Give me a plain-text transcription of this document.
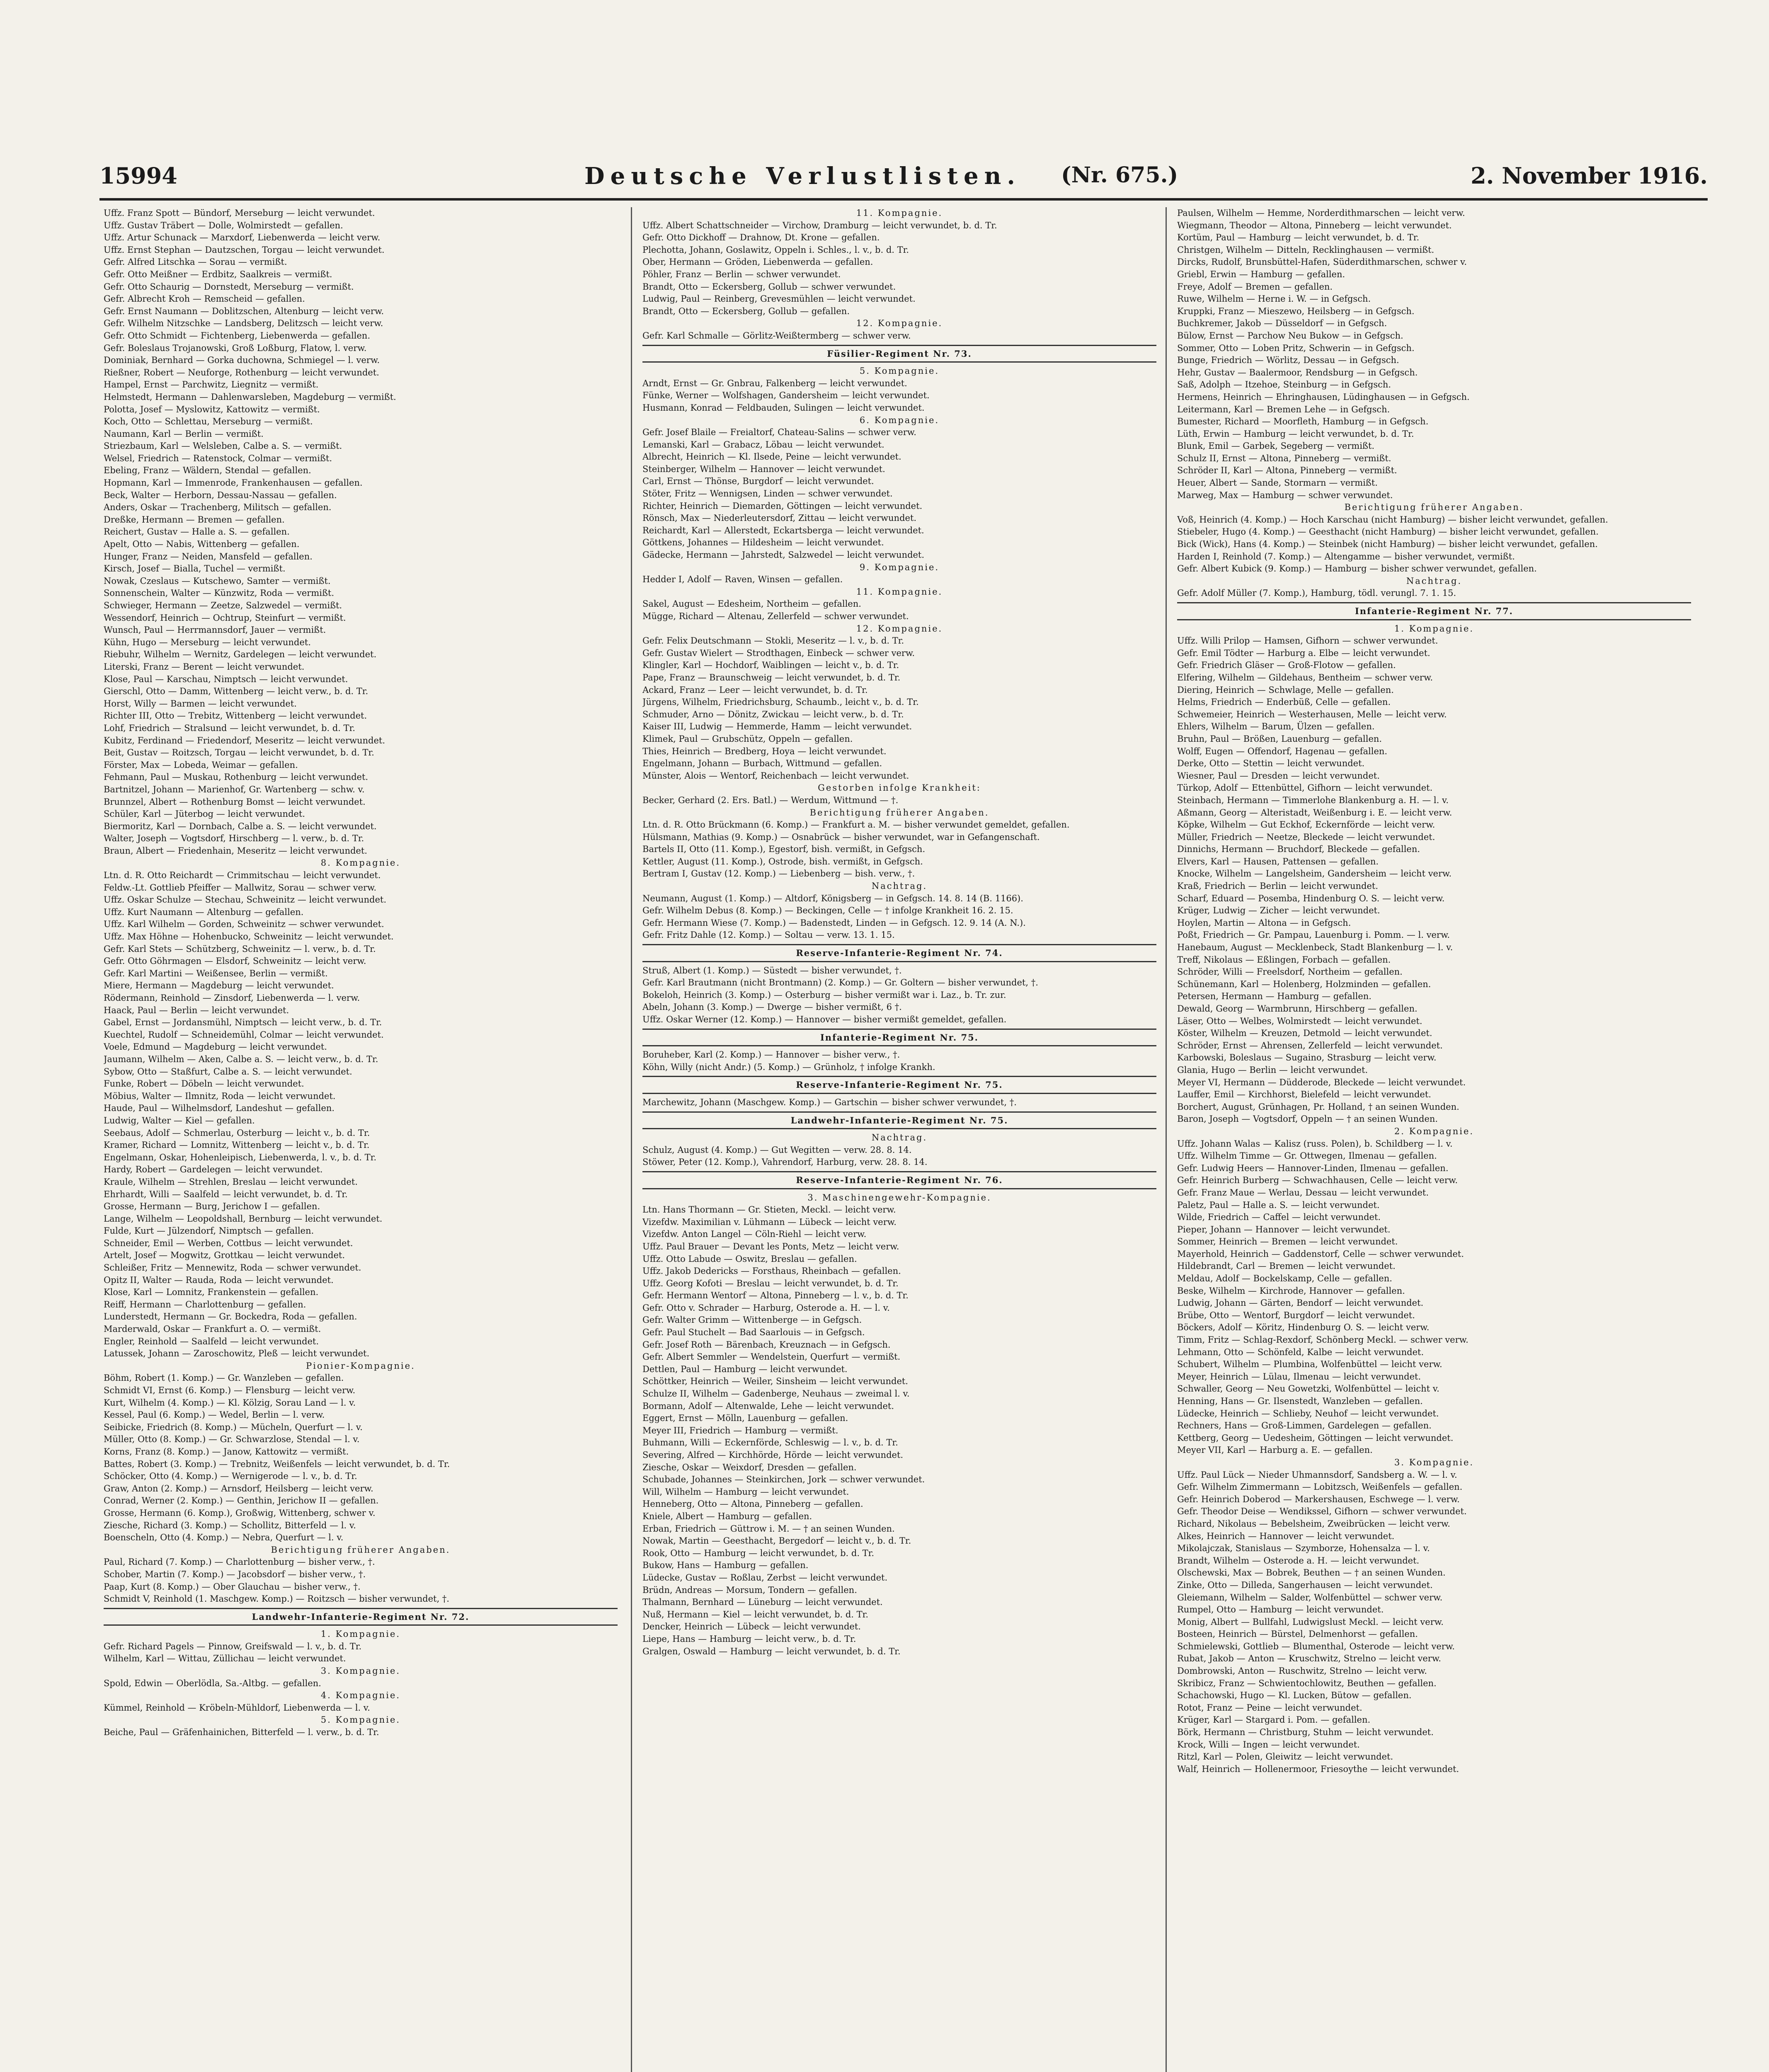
15994	Deutsche Verlustlisten. (Nr. 675.)	2. November 1916.
Uffz. Franz Spott — Bündorf, Merseburg — leicht verwundet.
Uffz. Gustav Träbert — Dolle, Wolmirstedt — gefallen.
Uffz. Artur Schunack — Marxdorf, Liebenwerda — leicht verw.
Uffz. Ernst Stephan — Dautzschen, Torgau — leicht verwundet.
Gefr. Alfred Litschka — Sorau — vermißt.
Gefr. Otto Meißner — Erdbitz, Saalkreis — vermißt.
Gefr. Otto Schaurig — Dornstedt, Merseburg — vermißt.
Gefr. Albrecht Kroh — Remscheid — gefallen.
Gefr. Ernst Naumann — Doblitzschen, Altenburg — leicht verw.
Gefr. Wilhelm Nitzschke — Landsberg, Delitzsch — leicht verw.
Gefr. Otto Schmidt — Fichtenberg, Liebenwerda — gefallen.
Gefr. Boleslaus Trojanowski, Groß Loßburg, Flatow, l. verw.
Dominiak, Bernhard — Gorka duchowna, Schmiegel — l. verw.
Rießner, Robert — Neuforge, Rothenburg — leicht verwundet.
Hampel, Ernst — Parchwitz, Liegnitz — vermißt.
Helmstedt, Hermann — Dahlenwarsleben, Magdeburg — vermißt.
Polotta, Josef — Myslowitz, Kattowitz — vermißt.
Koch, Otto — Schlettau, Merseburg — vermißt.
Naumann, Karl — Berlin — vermißt.
Striezbaum, Karl — Welsleben, Calbe a. S. — vermißt.
Welsel, Friedrich — Ratenstock, Colmar — vermißt.
Ebeling, Franz — Wäldern, Stendal — gefallen.
Hopmann, Karl — Immenrode, Frankenhausen — gefallen.
Beck, Walter — Herborn, Dessau-Nassau — gefallen.
Anders, Oskar — Trachenberg, Militsch — gefallen.
Dreßke, Hermann — Bremen — gefallen.
Reichert, Gustav — Halle a. S. — gefallen.
Apelt, Otto — Nabis, Wittenberg — gefallen.
Hunger, Franz — Neiden, Mansfeld — gefallen.
Kirsch, Josef — Bialla, Tuchel — vermißt.
Nowak, Czeslaus — Kutschewo, Samter — vermißt.
Sonnenschein, Walter — Künzwitz, Roda — vermißt.
Schwieger, Hermann — Zeetze, Salzwedel — vermißt.
Wessendorf, Heinrich — Ochtrup, Steinfurt — vermißt.
Wunsch, Paul — Herrmannsdorf, Jauer — vermißt.
Kühn, Hugo — Merseburg — leicht verwundet.
Riebuhr, Wilhelm — Wernitz, Gardelegen — leicht verwundet.
Literski, Franz — Berent — leicht verwundet.
Klose, Paul — Karschau, Nimptsch — leicht verwundet.
Gierschl, Otto — Damm, Wittenberg — leicht verw., b. d. Tr.
Horst, Willy — Barmen — leicht verwundet.
Richter III, Otto — Trebitz, Wittenberg — leicht verwundet.
Lohf, Friedrich — Stralsund — leicht verwundet, b. d. Tr.
Kubitz, Ferdinand — Friedendorf, Meseritz — leicht verwundet.
Beit, Gustav — Roitzsch, Torgau — leicht verwundet, b. d. Tr.
Förster, Max — Lobeda, Weimar — gefallen.
Fehmann, Paul — Muskau, Rothenburg — leicht verwundet.
Bartnitzel, Johann — Marienhof, Gr. Wartenberg — schw. v.
Brunnzel, Albert — Rothenburg Bomst — leicht verwundet.
Schüler, Karl — Jüterbog — leicht verwundet.
Biermoritz, Karl — Dornbach, Calbe a. S. — leicht verwundet.
Walter, Joseph — Vogtsdorf, Hirschberg — l. verw., b. d. Tr.
Braun, Albert — Friedenhain, Meseritz — leicht verwundet.
8. Kompagnie.
Ltn. d. R. Otto Reichardt — Crimmitschau — leicht verwundet.
Feldw.-Lt. Gottlieb Pfeiffer — Mallwitz, Sorau — schwer verw.
Uffz. Oskar Schulze — Stechau, Schweinitz — leicht verwundet.
Uffz. Kurt Naumann — Altenburg — gefallen.
Uffz. Karl Wilhelm — Gorden, Schweinitz — schwer verwundet.
Uffz. Max Höhne — Hohenbucko, Schweinitz — leicht verwundet.
Gefr. Karl Stets — Schützberg, Schweinitz — l. verw., b. d. Tr.
Gefr. Otto Göhrmagen — Elsdorf, Schweinitz — leicht verw.
Gefr. Karl Martini — Weißensee, Berlin — vermißt.
Miere, Hermann — Magdeburg — leicht verwundet.
Rödermann, Reinhold — Zinsdorf, Liebenwerda — l. verw.
Haack, Paul — Berlin — leicht verwundet.
Gabel, Ernst — Jordansmühl, Nimptsch — leicht verw., b. d. Tr.
Kuechtel, Rudolf — Schneidemühl, Colmar — leicht verwundet.
Voele, Edmund — Magdeburg — leicht verwundet.
Jaumann, Wilhelm — Aken, Calbe a. S. — leicht verw., b. d. Tr.
Sybow, Otto — Staßfurt, Calbe a. S. — leicht verwundet.
Funke, Robert — Döbeln — leicht verwundet.
Möbius, Walter — Ilmnitz, Roda — leicht verwundet.
Haude, Paul — Wilhelmsdorf, Landeshut — gefallen.
Ludwig, Walter — Kiel — gefallen.
Seebaus, Adolf — Schmerlau, Osterburg — leicht v., b. d. Tr.
Kramer, Richard — Lomnitz, Wittenberg — leicht v., b. d. Tr.
Engelmann, Oskar, Hohenleipisch, Liebenwerda, l. v., b. d. Tr.
Hardy, Robert — Gardelegen — leicht verwundet.
Kraule, Wilhelm — Strehlen, Breslau — leicht verwundet.
Ehrhardt, Willi — Saalfeld — leicht verwundet, b. d. Tr.
Grosse, Hermann — Burg, Jerichow I — gefallen.
Lange, Wilhelm — Leopoldshall, Bernburg — leicht verwundet.
Fulde, Kurt — Jülzendorf, Nimptsch — gefallen.
Schneider, Emil — Werben, Cottbus — leicht verwundet.
Artelt, Josef — Mogwitz, Grottkau — leicht verwundet.
Schleißer, Fritz — Mennewitz, Roda — schwer verwundet.
Opitz II, Walter — Rauda, Roda — leicht verwundet.
Klose, Karl — Lomnitz, Frankenstein — gefallen.
Reiff, Hermann — Charlottenburg — gefallen.
Lunderstedt, Hermann — Gr. Bockedra, Roda — gefallen.
Marderwald, Oskar — Frankfurt a. O. — vermißt.
Engler, Reinhold — Saalfeld — leicht verwundet.
Latussek, Johann — Zaroschowitz, Pleß — leicht verwundet.
Pionier-Kompagnie.
Böhm, Robert (1. Komp.) — Gr. Wanzleben — gefallen.
Schmidt VI, Ernst (6. Komp.) — Flensburg — leicht verw.
Kurt, Wilhelm (4. Komp.) — Kl. Kölzig, Sorau Land — l. v.
Kessel, Paul (6. Komp.) — Wedel, Berlin — l. verw.
Seibicke, Friedrich (8. Komp.) — Mücheln, Querfurt — l. v.
Müller, Otto (8. Komp.) — Gr. Schwarzlose, Stendal — l. v.
Korns, Franz (8. Komp.) — Janow, Kattowitz — vermißt.
Battes, Robert (3. Komp.) — Trebnitz, Weißenfels — leicht verwundet, b. d. Tr.
Schöcker, Otto (4. Komp.) — Wernigerode — l. v., b. d. Tr.
Graw, Anton (2. Komp.) — Arnsdorf, Heilsberg — leicht verw.
Conrad, Werner (2. Komp.) — Genthin, Jerichow II — gefallen.
Grosse, Hermann (6. Komp.), Großwig, Wittenberg, schwer v.
Ziesche, Richard (3. Komp.) — Schollitz, Bitterfeld — l. v.
Boenscheln, Otto (4. Komp.) — Nebra, Querfurt — l. v.
Berichtigung früherer Angaben.
Paul, Richard (7. Komp.) — Charlottenburg — bisher verw., †.
Schober, Martin (7. Komp.) — Jacobsdorf — bisher verw., †.
Paap, Kurt (8. Komp.) — Ober Glauchau — bisher verw., †.
Schmidt V, Reinhold (1. Maschgew. Komp.) — Roitzsch — bisher verwundet, †.
Landwehr-Infanterie-Regiment Nr. 72.
1. Kompagnie.
Gefr. Richard Pagels — Pinnow, Greifswald — l. v., b. d. Tr.
Wilhelm, Karl — Wittau, Züllichau — leicht verwundet.
3. Kompagnie.
Spold, Edwin — Oberlödla, Sa.-Altbg. — gefallen.
4. Kompagnie.
Kümmel, Reinhold — Kröbeln-Mühldorf, Liebenwerda — l. v.
5. Kompagnie.
Beiche, Paul — Gräfenhainichen, Bitterfeld — l. verw., b. d. Tr.
11. Kompagnie.
Uffz. Albert Schattschneider — Virchow, Dramburg — leicht verwundet, b. d. Tr.
Gefr. Otto Dickhoff — Drahnow, Dt. Krone — gefallen.
Plechotta, Johann, Goslawitz, Oppeln i. Schles., l. v., b. d. Tr.
Ober, Hermann — Gröden, Liebenwerda — gefallen.
Pöhler, Franz — Berlin — schwer verwundet.
Brandt, Otto — Eckersberg, Gollub — schwer verwundet.
Ludwig, Paul — Reinberg, Grevesmühlen — leicht verwundet.
Brandt, Otto — Eckersberg, Gollub — gefallen.
12. Kompagnie.
Gefr. Karl Schmalle — Görlitz-Weißtermberg — schwer verw.
Füsilier-Regiment Nr. 73.
5. Kompagnie.
Arndt, Ernst — Gr. Gnbrau, Falkenberg — leicht verwundet.
Fünke, Werner — Wolfshagen, Gandersheim — leicht verwundet.
Husmann, Konrad — Feldbauden, Sulingen — leicht verwundet.
6. Kompagnie.
Gefr. Josef Blaile — Freialtorf, Chateau-Salins — schwer verw.
Lemanski, Karl — Grabacz, Löbau — leicht verwundet.
Albrecht, Heinrich — Kl. Ilsede, Peine — leicht verwundet.
Steinberger, Wilhelm — Hannover — leicht verwundet.
Carl, Ernst — Thönse, Burgdorf — leicht verwundet.
Stöter, Fritz — Wennigsen, Linden — schwer verwundet.
Richter, Heinrich — Diemarden, Göttingen — leicht verwundet.
Rönsch, Max — Niederleutersdorf, Zittau — leicht verwundet.
Reichardt, Karl — Allerstedt, Eckartsberga — leicht verwundet.
Göttkens, Johannes — Hildesheim — leicht verwundet.
Gädecke, Hermann — Jahrstedt, Salzwedel — leicht verwundet.
9. Kompagnie.
Hedder I, Adolf — Raven, Winsen — gefallen.
11. Kompagnie.
Sakel, August — Edesheim, Northeim — gefallen.
Mügge, Richard — Altenau, Zellerfeld — schwer verwundet.
12. Kompagnie.
Gefr. Felix Deutschmann — Stokli, Meseritz — l. v., b. d. Tr.
Gefr. Gustav Wielert — Strodthagen, Einbeck — schwer verw.
Klingler, Karl — Hochdorf, Waiblingen — leicht v., b. d. Tr.
Pape, Franz — Braunschweig — leicht verwundet, b. d. Tr.
Ackard, Franz — Leer — leicht verwundet, b. d. Tr.
Jürgens, Wilhelm, Friedrichsburg, Schaumb., leicht v., b. d. Tr.
Schmuder, Arno — Dönitz, Zwickau — leicht verw., b. d. Tr.
Kaiser III, Ludwig — Hemmerde, Hamm — leicht verwundet.
Klimek, Paul — Grubschütz, Oppeln — gefallen.
Thies, Heinrich — Bredberg, Hoya — leicht verwundet.
Engelmann, Johann — Burbach, Wittmund — gefallen.
Münster, Alois — Wentorf, Reichenbach — leicht verwundet.
Gestorben infolge Krankheit:
Becker, Gerhard (2. Ers. Batl.) — Werdum, Wittmund — †.
Berichtigung früherer Angaben.
Ltn. d. R. Otto Brückmann (6. Komp.) — Frankfurt a. M. — bisher verwundet gemeldet, gefallen.
Hülsmann, Mathias (9. Komp.) — Osnabrück — bisher verwundet, war in Gefangenschaft.
Bartels II, Otto (11. Komp.), Egestorf, bish. vermißt, in Gefgsch.
Kettler, August (11. Komp.), Ostrode, bish. vermißt, in Gefgsch.
Bertram I, Gustav (12. Komp.) — Liebenberg — bish. verw., †.
Nachtrag.
Neumann, August (1. Komp.) — Altdorf, Königsberg — in Gefgsch. 14. 8. 14 (B. 1166).
Gefr. Wilhelm Debus (8. Komp.) — Beckingen, Celle — † infolge Krankheit 16. 2. 15.
Gefr. Hermann Wiese (7. Komp.) — Badenstedt, Linden — in Gefgsch. 12. 9. 14 (A. N.).
Gefr. Fritz Dahle (12. Komp.) — Soltau — verw. 13. 1. 15.
Reserve-Infanterie-Regiment Nr. 74.
Struß, Albert (1. Komp.) — Süstedt — bisher verwundet, †.
Gefr. Karl Brautmann (nicht Brontmann) (2. Komp.) — Gr. Goltern — bisher verwundet, †.
Bokeloh, Heinrich (3. Komp.) — Osterburg — bisher vermißt war i. Laz., b. Tr. zur.
Abeln, Johann (3. Komp.) — Dwerge — bisher vermißt, 6 †.
Uffz. Oskar Werner (12. Komp.) — Hannover — bisher vermißt gemeldet, gefallen.
Infanterie-Regiment Nr. 75.
Boruheber, Karl (2. Komp.) — Hannover — bisher verw., †.
Köhn, Willy (nicht Andr.) (5. Komp.) — Grünholz, † infolge Krankh.
Reserve-Infanterie-Regiment Nr. 75.
Marchewitz, Johann (Maschgew. Komp.) — Gartschin — bisher schwer verwundet, †.
Landwehr-Infanterie-Regiment Nr. 75.
Nachtrag.
Schulz, August (4. Komp.) — Gut Wegitten — verw. 28. 8. 14.
Stöwer, Peter (12. Komp.), Vahrendorf, Harburg, verw. 28. 8. 14.
Reserve-Infanterie-Regiment Nr. 76.
3. Maschinengewehr-Kompagnie.
Ltn. Hans Thormann — Gr. Stieten, Meckl. — leicht verw.
Vizefdw. Maximilian v. Lühmann — Lübeck — leicht verw.
Vizefdw. Anton Langel — Cöln-Riehl — leicht verw.
Uffz. Paul Brauer — Devant les Ponts, Metz — leicht verw.
Uffz. Otto Labude — Oswitz, Breslau — gefallen.
Uffz. Jakob Dedericks — Forsthaus, Rheinbach — gefallen.
Uffz. Georg Kofoti — Breslau — leicht verwundet, b. d. Tr.
Gefr. Hermann Wentorf — Altona, Pinneberg — l. v., b. d. Tr.
Gefr. Otto v. Schrader — Harburg, Osterode a. H. — l. v.
Gefr. Walter Grimm — Wittenberge — in Gefgsch.
Gefr. Paul Stuchelt — Bad Saarlouis — in Gefgsch.
Gefr. Josef Roth — Bärenbach, Kreuznach — in Gefgsch.
Gefr. Albert Semmler — Wendelstein, Querfurt — vermißt.
Dettlen, Paul — Hamburg — leicht verwundet.
Schöttker, Heinrich — Weiler, Sinsheim — leicht verwundet.
Schulze II, Wilhelm — Gadenberge, Neuhaus — zweimal l. v.
Bormann, Adolf — Altenwalde, Lehe — leicht verwundet.
Eggert, Ernst — Mölln, Lauenburg — gefallen.
Meyer III, Friedrich — Hamburg — vermißt.
Buhmann, Willi — Eckernförde, Schleswig — l. v., b. d. Tr.
Severing, Alfred — Kirchhörde, Hörde — leicht verwundet.
Ziesche, Oskar — Weixdorf, Dresden — gefallen.
Schubade, Johannes — Steinkirchen, Jork — schwer verwundet.
Will, Wilhelm — Hamburg — leicht verwundet.
Henneberg, Otto — Altona, Pinneberg — gefallen.
Kniele, Albert — Hamburg — gefallen.
Erban, Friedrich — Güttrow i. M. — † an seinen Wunden.
Nowak, Martin — Geesthacht, Bergedorf — leicht v., b. d. Tr.
Rook, Otto — Hamburg — leicht verwundet, b. d. Tr.
Bukow, Hans — Hamburg — gefallen.
Lüdecke, Gustav — Roßlau, Zerbst — leicht verwundet.
Brüdn, Andreas — Morsum, Tondern — gefallen.
Thalmann, Bernhard — Lüneburg — leicht verwundet.
Nuß, Hermann — Kiel — leicht verwundet, b. d. Tr.
Dencker, Heinrich — Lübeck — leicht verwundet.
Liepe, Hans — Hamburg — leicht verw., b. d. Tr.
Gralgen, Oswald — Hamburg — leicht verwundet, b. d. Tr.
Paulsen, Wilhelm — Hemme, Norderdithmarschen — leicht verw.
Wiegmann, Theodor — Altona, Pinneberg — leicht verwundet.
Kortüm, Paul — Hamburg — leicht verwundet, b. d. Tr.
Christgen, Wilhelm — Ditteln, Recklinghausen — vermißt.
Dircks, Rudolf, Brunsbüttel-Hafen, Süderdithmarschen, schwer v.
Griebl, Erwin — Hamburg — gefallen.
Freye, Adolf — Bremen — gefallen.
Ruwe, Wilhelm — Herne i. W. — in Gefgsch.
Kruppki, Franz — Mieszewo, Heilsberg — in Gefgsch.
Buchkremer, Jakob — Düsseldorf — in Gefgsch.
Bülow, Ernst — Parchow Neu Bukow — in Gefgsch.
Sommer, Otto — Loben Pritz, Schwerin — in Gefgsch.
Bunge, Friedrich — Wörlitz, Dessau — in Gefgsch.
Hehr, Gustav — Baalermoor, Rendsburg — in Gefgsch.
Saß, Adolph — Itzehoe, Steinburg — in Gefgsch.
Hermens, Heinrich — Ehringhausen, Lüdinghausen — in Gefgsch.
Leitermann, Karl — Bremen Lehe — in Gefgsch.
Bumester, Richard — Moorfleth, Hamburg — in Gefgsch.
Lüth, Erwin — Hamburg — leicht verwundet, b. d. Tr.
Blunk, Emil — Garbek, Segeberg — vermißt.
Schulz II, Ernst — Altona, Pinneberg — vermißt.
Schröder II, Karl — Altona, Pinneberg — vermißt.
Heuer, Albert — Sande, Stormarn — vermißt.
Marweg, Max — Hamburg — schwer verwundet.
Berichtigung früherer Angaben.
Voß, Heinrich (4. Komp.) — Hoch Karschau (nicht Hamburg) — bisher leicht verwundet, gefallen.
Stiebeler, Hugo (4. Komp.) — Geesthacht (nicht Hamburg) — bisher leicht verwundet, gefallen.
Bick (Wick), Hans (4. Komp.) — Steinbek (nicht Hamburg) — bisher leicht verwundet, gefallen.
Harden I, Reinhold (7. Komp.) — Altengamme — bisher verwundet, vermißt.
Gefr. Albert Kubick (9. Komp.) — Hamburg — bisher schwer verwundet, gefallen.
Nachtrag.
Gefr. Adolf Müller (7. Komp.), Hamburg, tödl. verungl. 7. 1. 15.
Infanterie-Regiment Nr. 77.
1. Kompagnie.
Uffz. Willi Prilop — Hamsen, Gifhorn — schwer verwundet.
Gefr. Emil Tödter — Harburg a. Elbe — leicht verwundet.
Gefr. Friedrich Gläser — Groß-Flotow — gefallen.
Elfering, Wilhelm — Gildehaus, Bentheim — schwer verw.
Diering, Heinrich — Schwlage, Melle — gefallen.
Helms, Friedrich — Enderbüß, Celle — gefallen.
Schwemeier, Heinrich — Westerhausen, Melle — leicht verw.
Ehlers, Wilhelm — Barum, Ülzen — gefallen.
Bruhn, Paul — Brößen, Lauenburg — gefallen.
Wolff, Eugen — Offendorf, Hagenau — gefallen.
Derke, Otto — Stettin — leicht verwundet.
Wiesner, Paul — Dresden — leicht verwundet.
Türkop, Adolf — Ettenbüttel, Gifhorn — leicht verwundet.
Steinbach, Hermann — Timmerlohe Blankenburg a. H. — l. v.
Aßmann, Georg — Alteristadt, Weißenburg i. E. — leicht verw.
Köpke, Wilhelm — Gut Eckhof, Eckernförde — leicht verw.
Müller, Friedrich — Neetze, Bleckede — leicht verwundet.
Dinnichs, Hermann — Bruchdorf, Bleckede — gefallen.
Elvers, Karl — Hausen, Pattensen — gefallen.
Knocke, Wilhelm — Langelsheim, Gandersheim — leicht verw.
Kraß, Friedrich — Berlin — leicht verwundet.
Scharf, Eduard — Posemba, Hindenburg O. S. — leicht verw.
Krüger, Ludwig — Zicher — leicht verwundet.
Hoylen, Martin — Altona — in Gefgsch.
Poßt, Friedrich — Gr. Pampau, Lauenburg i. Pomm. — l. verw.
Hanebaum, August — Mecklenbeck, Stadt Blankenburg — l. v.
Treff, Nikolaus — Eßlingen, Forbach — gefallen.
Schröder, Willi — Freelsdorf, Northeim — gefallen.
Schünemann, Karl — Holenberg, Holzminden — gefallen.
Petersen, Hermann — Hamburg — gefallen.
Dewald, Georg — Warmbrunn, Hirschberg — gefallen.
Läser, Otto — Welbes, Wolmirstedt — leicht verwundet.
Köster, Wilhelm — Kreuzen, Detmold — leicht verwundet.
Schröder, Ernst — Ahrensen, Zellerfeld — leicht verwundet.
Karbowski, Boleslaus — Sugaino, Strasburg — leicht verw.
Glania, Hugo — Berlin — leicht verwundet.
Meyer VI, Hermann — Düdderode, Bleckede — leicht verwundet.
Lauffer, Emil — Kirchhorst, Bielefeld — leicht verwundet.
Borchert, August, Grünhagen, Pr. Holland, † an seinen Wunden.
Baron, Joseph — Vogtsdorf, Oppeln — † an seinen Wunden.
2. Kompagnie.
Uffz. Johann Walas — Kalisz (russ. Polen), b. Schildberg — l. v.
Uffz. Wilhelm Timme — Gr. Ottwegen, Ilmenau — gefallen.
Gefr. Ludwig Heers — Hannover-Linden, Ilmenau — gefallen.
Gefr. Heinrich Burberg — Schwachhausen, Celle — leicht verw.
Gefr. Franz Maue — Werlau, Dessau — leicht verwundet.
Paletz, Paul — Halle a. S. — leicht verwundet.
Wilde, Friedrich — Caffel — leicht verwundet.
Pieper, Johann — Hannover — leicht verwundet.
Sommer, Heinrich — Bremen — leicht verwundet.
Mayerhold, Heinrich — Gaddenstorf, Celle — schwer verwundet.
Hildebrandt, Carl — Bremen — leicht verwundet.
Meldau, Adolf — Bockelskamp, Celle — gefallen.
Beske, Wilhelm — Kirchrode, Hannover — gefallen.
Ludwig, Johann — Gärten, Bendorf — leicht verwundet.
Brübe, Otto — Wentorf, Burgdorf — leicht verwundet.
Böckers, Adolf — Köritz, Hindenburg O. S. — leicht verw.
Timm, Fritz — Schlag-Rexdorf, Schönberg Meckl. — schwer verw.
Lehmann, Otto — Schönfeld, Kalbe — leicht verwundet.
Schubert, Wilhelm — Plumbina, Wolfenbüttel — leicht verw.
Meyer, Heinrich — Lülau, Ilmenau — leicht verwundet.
Schwaller, Georg — Neu Gowetzki, Wolfenbüttel — leicht v.
Henning, Hans — Gr. Ilsenstedt, Wanzleben — gefallen.
Lüdecke, Heinrich — Schlieby, Neuhof — leicht verwundet.
Rechners, Hans — Groß-Limmen, Gardelegen — gefallen.
Kettberg, Georg — Uedesheim, Göttingen — leicht verwundet.
Meyer VII, Karl — Harburg a. E. — gefallen.
3. Kompagnie.
Uffz. Paul Lück — Nieder Uhmannsdorf, Sandsberg a. W. — l. v.
Gefr. Wilhelm Zimmermann — Lobitzsch, Weißenfels — gefallen.
Gefr. Heinrich Doberod — Markershausen, Eschwege — l. verw.
Gefr. Theodor Deise — Wendikssel, Gifhorn — schwer verwundet.
Richard, Nikolaus — Bebelsheim, Zweibrücken — leicht verw.
Alkes, Heinrich — Hannover — leicht verwundet.
Mikolajczak, Stanislaus — Szymborze, Hohensalza — l. v.
Brandt, Wilhelm — Osterode a. H. — leicht verwundet.
Olschewski, Max — Bobrek, Beuthen — † an seinen Wunden.
Zinke, Otto — Dilleda, Sangerhausen — leicht verwundet.
Gleiemann, Wilhelm — Salder, Wolfenbüttel — schwer verw.
Rumpel, Otto — Hamburg — leicht verwundet.
Monig, Albert — Bullfahl, Ludwigslust Meckl. — leicht verw.
Bosteen, Heinrich — Bürstel, Delmenhorst — gefallen.
Schmielewski, Gottlieb — Blumenthal, Osterode — leicht verw.
Rubat, Jakob — Anton — Kruschwitz, Strelno — leicht verw.
Dombrowski, Anton — Ruschwitz, Strelno — leicht verw.
Skribicz, Franz — Schwientochlowitz, Beuthen — gefallen.
Schachowski, Hugo — Kl. Lucken, Bütow — gefallen.
Rotot, Franz — Peine — leicht verwundet.
Krüger, Karl — Stargard i. Pom. — gefallen.
Börk, Hermann — Christburg, Stuhm — leicht verwundet.
Krock, Willi — Ingen — leicht verwundet.
Ritzl, Karl — Polen, Gleiwitz — leicht verwundet.
Walf, Heinrich — Hollenermoor, Friesoythe — leicht verwundet.
